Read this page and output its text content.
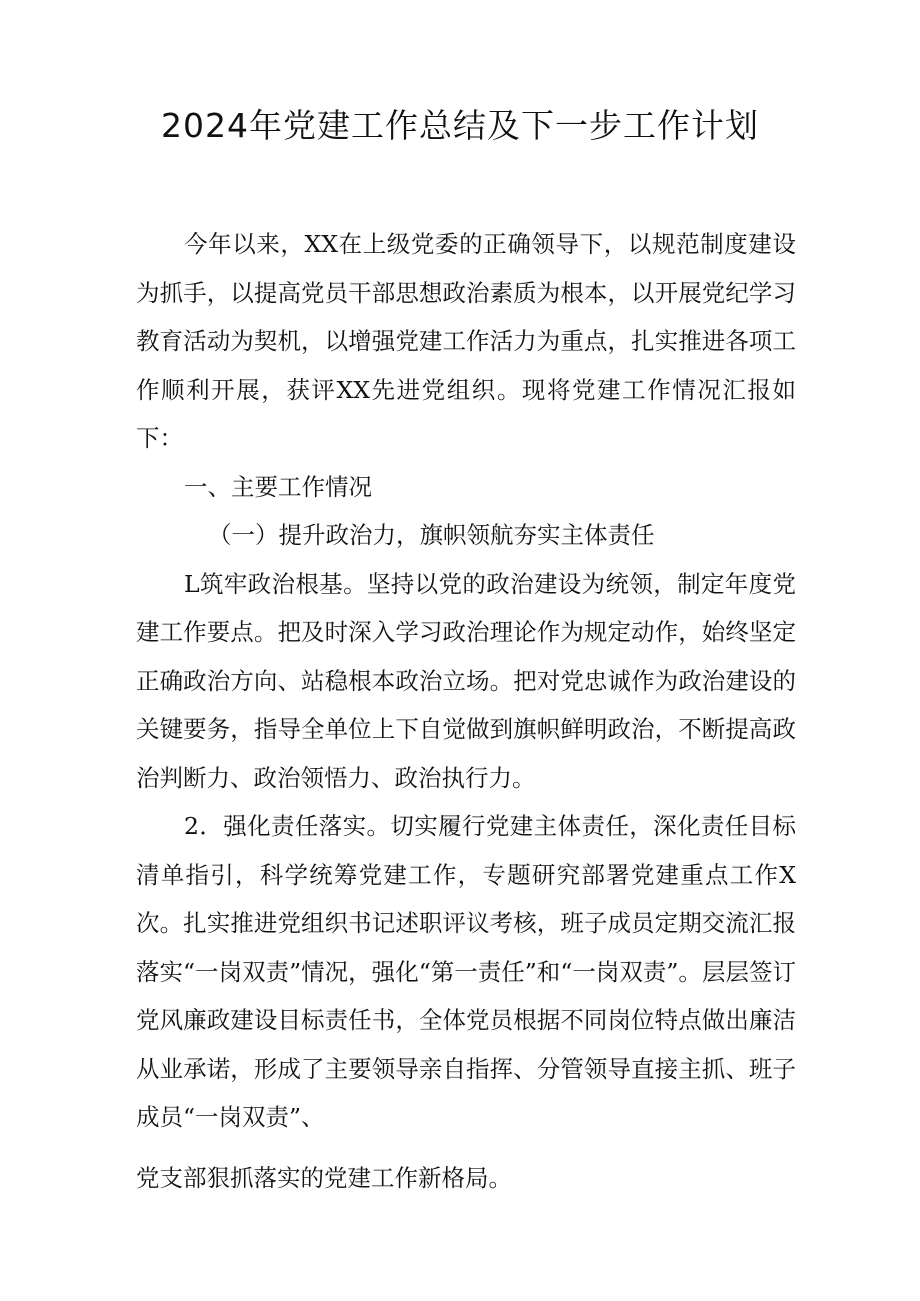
2024年党建工作总结及下一步工作计划

今年以来，XX在上级党委的正确领导下，以规范制度建设为抓手，以提高党员干部思想政治素质为根本，以开展党纪学习教育活动为契机，以增强党建工作活力为重点，扎实推进各项工作顺利开展，获评XX先进党组织。现将党建工作情况汇报如下：

一、主要工作情况

（一）提升政治力，旗帜领航夯实主体责任

L筑牢政治根基。坚持以党的政治建设为统领，制定年度党建工作要点。把及时深入学习政治理论作为规定动作，始终坚定正确政治方向、站稳根本政治立场。把对党忠诚作为政治建设的关键要务，指导全单位上下自觉做到旗帜鲜明政治，不断提高政治判断力、政治领悟力、政治执行力。

2．强化责任落实。切实履行党建主体责任，深化责任目标清单指引，科学统筹党建工作，专题研究部署党建重点工作X次。扎实推进党组织书记述职评议考核，班子成员定期交流汇报落实“一岗双责”情况，强化“第一责任”和“一岗双责”。层层签订党风廉政建设目标责任书，全体党员根据不同岗位特点做出廉洁从业承诺，形成了主要领导亲自指挥、分管领导直接主抓、班子成员“一岗双责”、

党支部狠抓落实的党建工作新格局。
